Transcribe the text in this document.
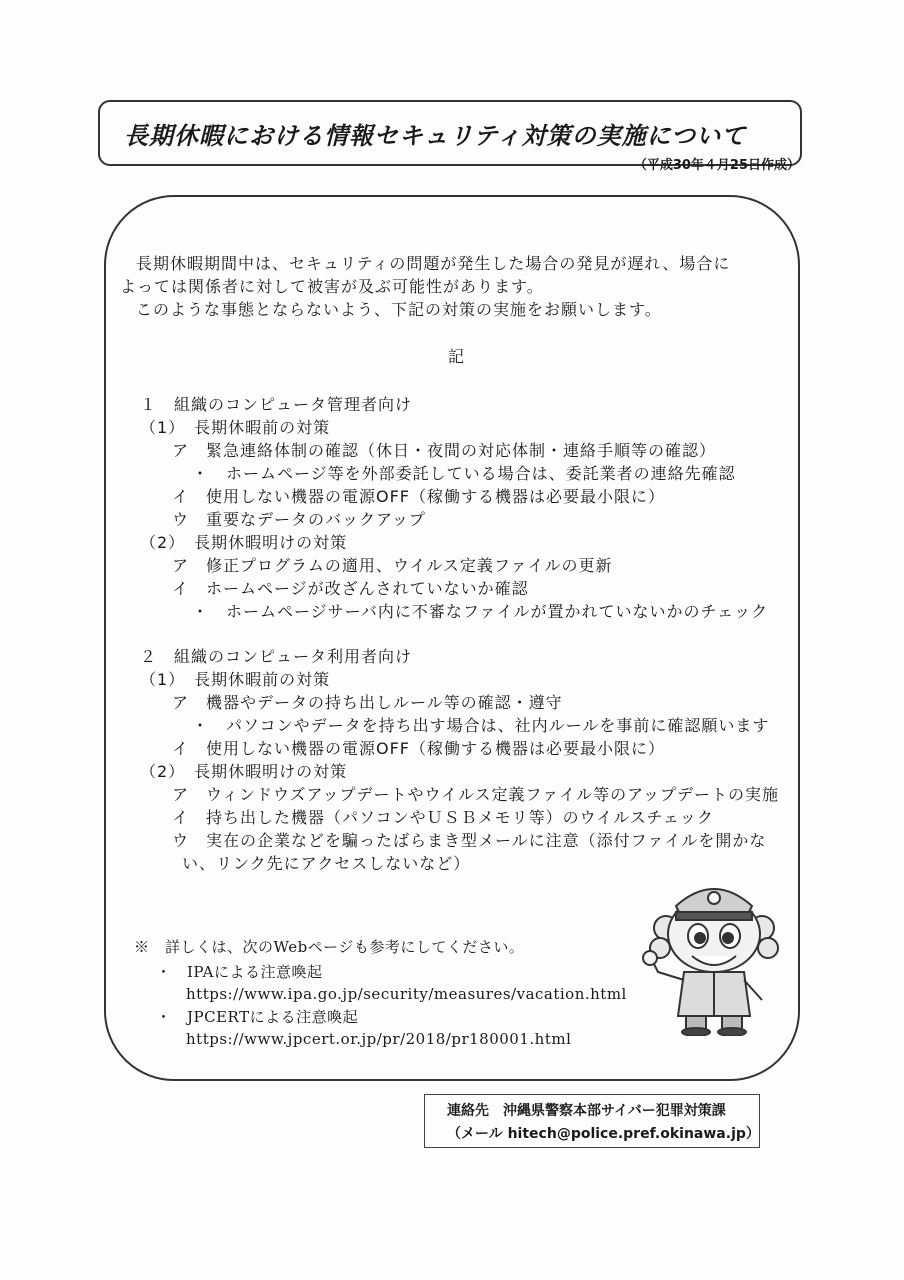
長期休暇における情報セキュリティ対策の実施について
（平成30年４月25日作成）

長期休暇期間中は、セキュリティの問題が発生した場合の発見が遅れ、場合に

よっては関係者に対して被害が及ぶ可能性があります。

このような事態とならないよう、下記の対策の実施をお願いします。

記
１　組織のコンピュータ管理者向け
（1）　長期休暇前の対策
ア　緊急連絡体制の確認（休日・夜間の対応体制・連絡手順等の確認）
・　ホームページ等を外部委託している場合は、委託業者の連絡先確認
イ　使用しない機器の電源OFF（稼働する機器は必要最小限に）
ウ　重要なデータのバックアップ
（2）　長期休暇明けの対策
ア　修正プログラムの適用、ウイルス定義ファイルの更新
イ　ホームページが改ざんされていないか確認
・　ホームページサーバ内に不審なファイルが置かれていないかのチェック
２　組織のコンピュータ利用者向け
（1）　長期休暇前の対策
ア　機器やデータの持ち出しルール等の確認・遵守
・　パソコンやデータを持ち出す場合は、社内ルールを事前に確認願います
イ　使用しない機器の電源OFF（稼働する機器は必要最小限に）
（2）　長期休暇明けの対策
ア　ウィンドウズアップデートやウイルス定義ファイル等のアップデートの実施
イ　持ち出した機器（パソコンやＵＳＢメモリ等）のウイルスチェック
ウ　実在の企業などを騙ったばらまき型メールに注意（添付ファイルを開かな
い、リンク先にアクセスしないなど）
※　詳しくは、次のWebページも参考にしてください。
・　IPAによる注意喚起
https://www.ipa.go.jp/security/measures/vacation.html
・　JPCERTによる注意喚起
https://www.jpcert.or.jp/pr/2018/pr180001.html
連絡先　沖縄県警察本部サイバー犯罪対策課
（メール hitech@police.pref.okinawa.jp）
